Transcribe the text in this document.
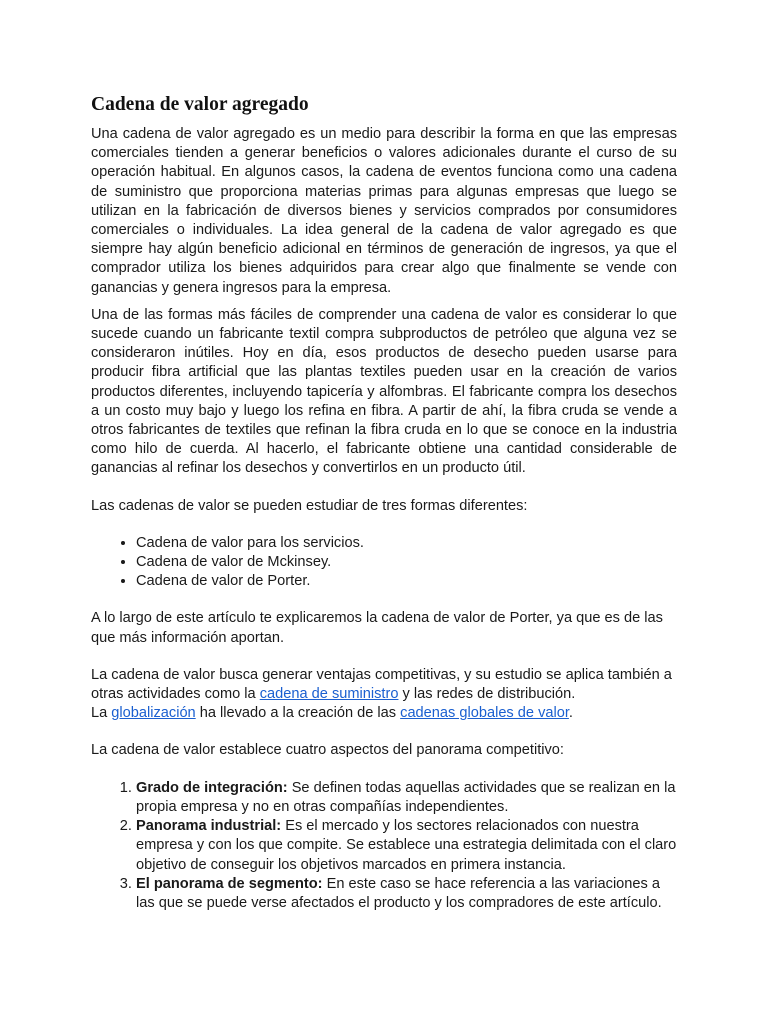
Cadena de valor agregado

Una cadena de valor agregado es un medio para describir la forma en que las empresas comerciales tienden a generar beneficios o valores adicionales durante el curso de su operación habitual. En algunos casos, la cadena de eventos funciona como una cadena de suministro que proporciona materias primas para algunas empresas que luego se utilizan en la fabricación de diversos bienes y servicios comprados por consumidores comerciales o individuales. La idea general de la cadena de valor agregado es que siempre hay algún beneficio adicional en términos de generación de ingresos, ya que el comprador utiliza los bienes adquiridos para crear algo que finalmente se vende con ganancias y genera ingresos para la empresa.

Una de las formas más fáciles de comprender una cadena de valor es considerar lo que sucede cuando un fabricante textil compra subproductos de petróleo que alguna vez se consideraron inútiles. Hoy en día, esos productos de desecho pueden usarse para producir fibra artificial que las plantas textiles pueden usar en la creación de varios productos diferentes, incluyendo tapicería y alfombras. El fabricante compra los desechos a un costo muy bajo y luego los refina en fibra. A partir de ahí, la fibra cruda se vende a otros fabricantes de textiles que refinan la fibra cruda en lo que se conoce en la industria como hilo de cuerda. Al hacerlo, el fabricante obtiene una cantidad considerable de ganancias al refinar los desechos y convertirlos en un producto útil.

Las cadenas de valor se pueden estudiar de tres formas diferentes:

• Cadena de valor para los servicios.
• Cadena de valor de Mckinsey.
• Cadena de valor de Porter.

A lo largo de este artículo te explicaremos la cadena de valor de Porter, ya que es de las que más información aportan.

La cadena de valor busca generar ventajas competitivas, y su estudio se aplica también a otras actividades como la cadena de suministro y las redes de distribución.

La globalización ha llevado a la creación de las cadenas globales de valor.

La cadena de valor establece cuatro aspectos del panorama competitivo:

1. Grado de integración: Se definen todas aquellas actividades que se realizan en la propia empresa y no en otras compañías independientes.
2. Panorama industrial: Es el mercado y los sectores relacionados con nuestra empresa y con los que compite. Se establece una estrategia delimitada con el claro objetivo de conseguir los objetivos marcados en primera instancia.
3. El panorama de segmento: En este caso se hace referencia a las variaciones a las que se puede verse afectados el producto y los compradores de este artículo.
